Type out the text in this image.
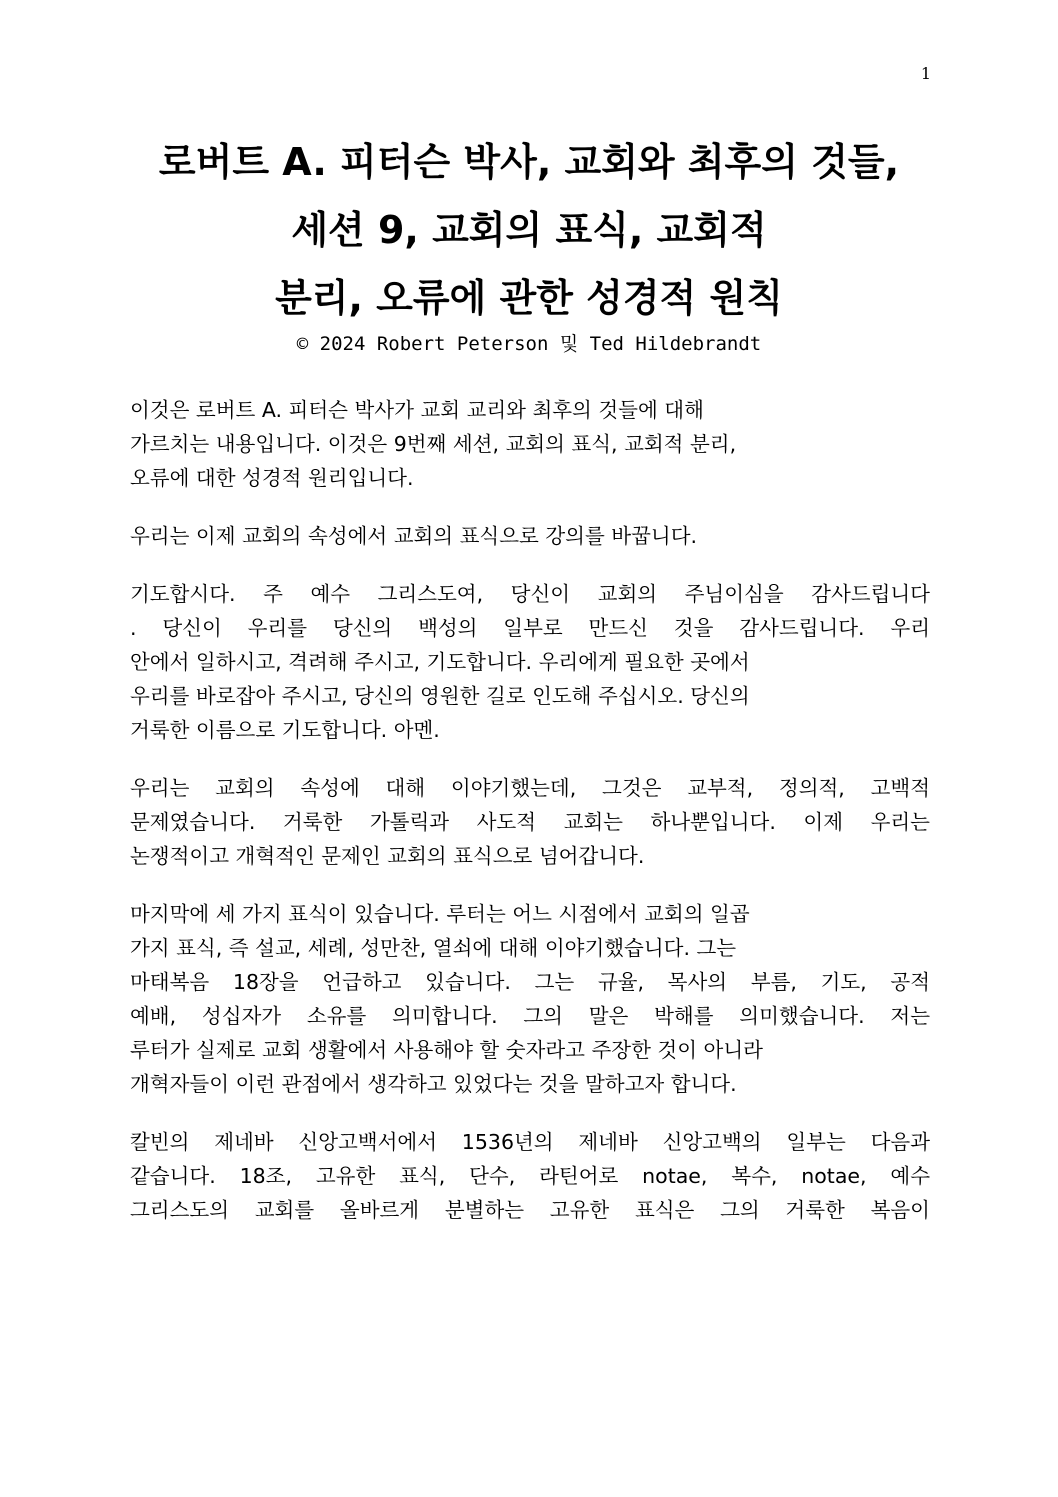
1
로버트 A. 피터슨 박사, 교회와 최후의 것들,
세션 9, 교회의 표식, 교회적
분리, 오류에 관한 성경적 원칙
© 2024 Robert Peterson 및 Ted Hildebrandt

이것은 로버트 A. 피터슨 박사가 교회 교리와 최후의 것들에 대해
가르치는 내용입니다. 이것은 9번째 세션, 교회의 표식, 교회적 분리,
오류에 대한 성경적 원리입니다.

우리는 이제 교회의 속성에서 교회의 표식으로 강의를 바꿉니다.

기도합시다. 주 예수 그리스도여, 당신이 교회의 주님이심을 감사드립니다
. 당신이 우리를 당신의 백성의 일부로 만드신 것을 감사드립니다. 우리
안에서 일하시고, 격려해 주시고, 기도합니다. 우리에게 필요한 곳에서
우리를 바로잡아 주시고, 당신의 영원한 길로 인도해 주십시오. 당신의
거룩한 이름으로 기도합니다. 아멘.

우리는 교회의 속성에 대해 이야기했는데, 그것은 교부적, 정의적, 고백적
문제였습니다. 거룩한 가톨릭과 사도적 교회는 하나뿐입니다. 이제 우리는
논쟁적이고 개혁적인 문제인 교회의 표식으로 넘어갑니다.

마지막에 세 가지 표식이 있습니다. 루터는 어느 시점에서 교회의 일곱
가지 표식, 즉 설교, 세례, 성만찬, 열쇠에 대해 이야기했습니다. 그는
마태복음 18장을 언급하고 있습니다. 그는 규율, 목사의 부름, 기도, 공적
예배, 성십자가 소유를 의미합니다. 그의 말은 박해를 의미했습니다. 저는
루터가 실제로 교회 생활에서 사용해야 할 숫자라고 주장한 것이 아니라
개혁자들이 이런 관점에서 생각하고 있었다는 것을 말하고자 합니다.

칼빈의 제네바 신앙고백서에서 1536년의 제네바 신앙고백의 일부는 다음과
같습니다. 18조, 고유한 표식, 단수, 라틴어로 notae, 복수, notae, 예수
그리스도의 교회를 올바르게 분별하는 고유한 표식은 그의 거룩한 복음이
